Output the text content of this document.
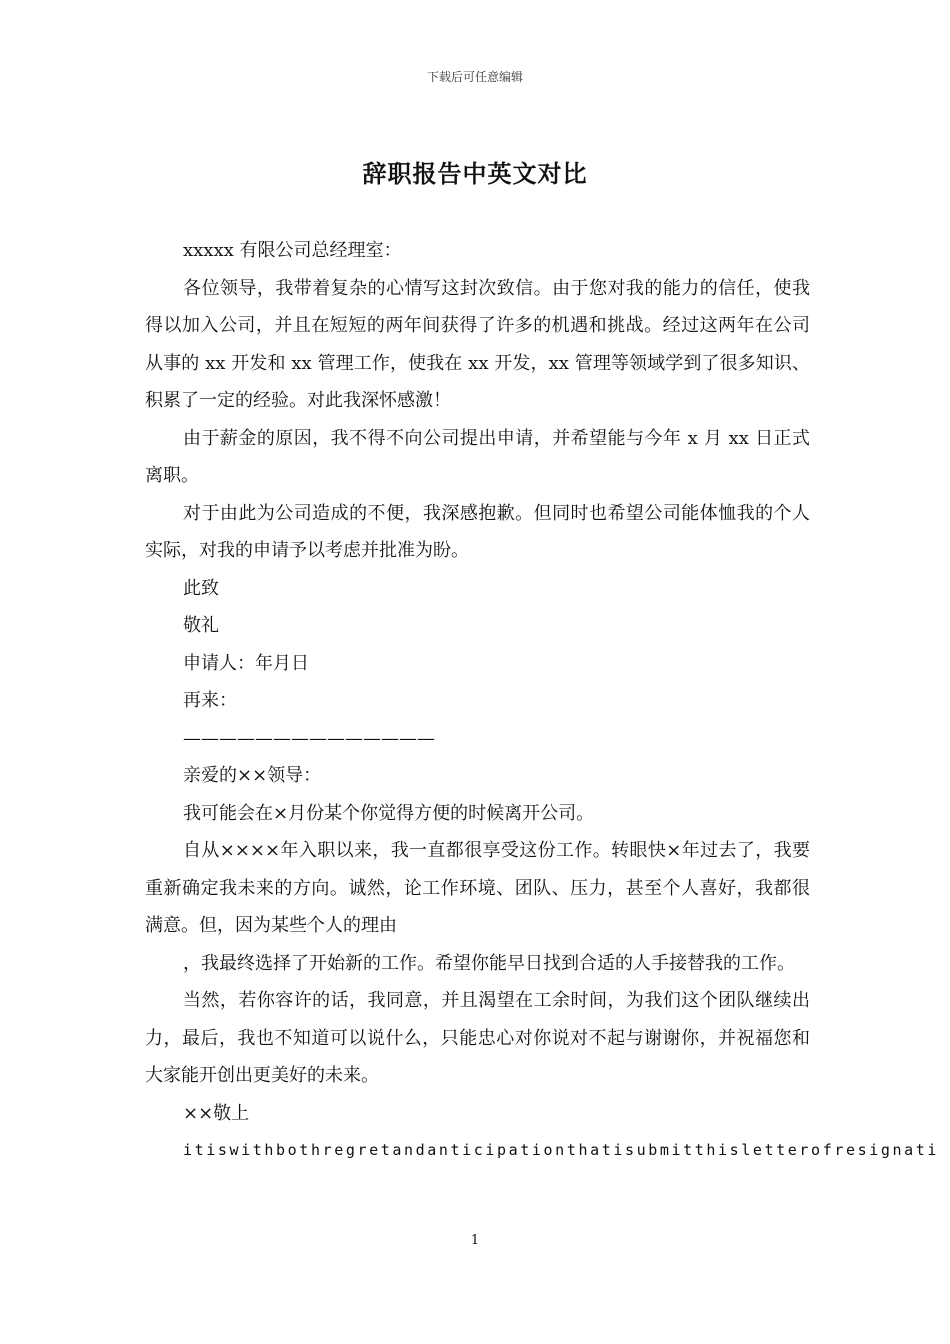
下载后可任意编辑
辞职报告中英文对比

xxxxx 有限公司总经理室：

各位领导，我带着复杂的心情写这封次致信。由于您对我的能力的信任，使我得以加入公司，并且在短短的两年间获得了许多的机遇和挑战。经过这两年在公司从事的 xx 开发和 xx 管理工作，使我在 xx 开发，xx 管理等领域学到了很多知识、积累了一定的经验。对此我深怀感激！

由于薪金的原因，我不得不向公司提出申请，并希望能与今年 x 月 xx 日正式离职。

对于由此为公司造成的不便，我深感抱歉。但同时也希望公司能体恤我的个人实际，对我的申请予以考虑并批准为盼。

此致

敬礼

申请人：年月日

再来：

——————————————

亲爱的××领导：

我可能会在×月份某个你觉得方便的时候离开公司。

自从××××年入职以来，我一直都很享受这份工作。转眼快×年过去了，我要重新确定我未来的方向。诚然，论工作环境、团队、压力，甚至个人喜好，我都很满意。但，因为某些个人的理由

，我最终选择了开始新的工作。希望你能早日找到合适的人手接替我的工作。

当然，若你容许的话，我同意，并且渴望在工余时间，为我们这个团队继续出力，最后，我也不知道可以说什么，只能忠心对你说对不起与谢谢你，并祝福您和大家能开创出更美好的未来。

××敬上

itiswithbothregretandanticipationthatisubmitthisletterofresignati

1
